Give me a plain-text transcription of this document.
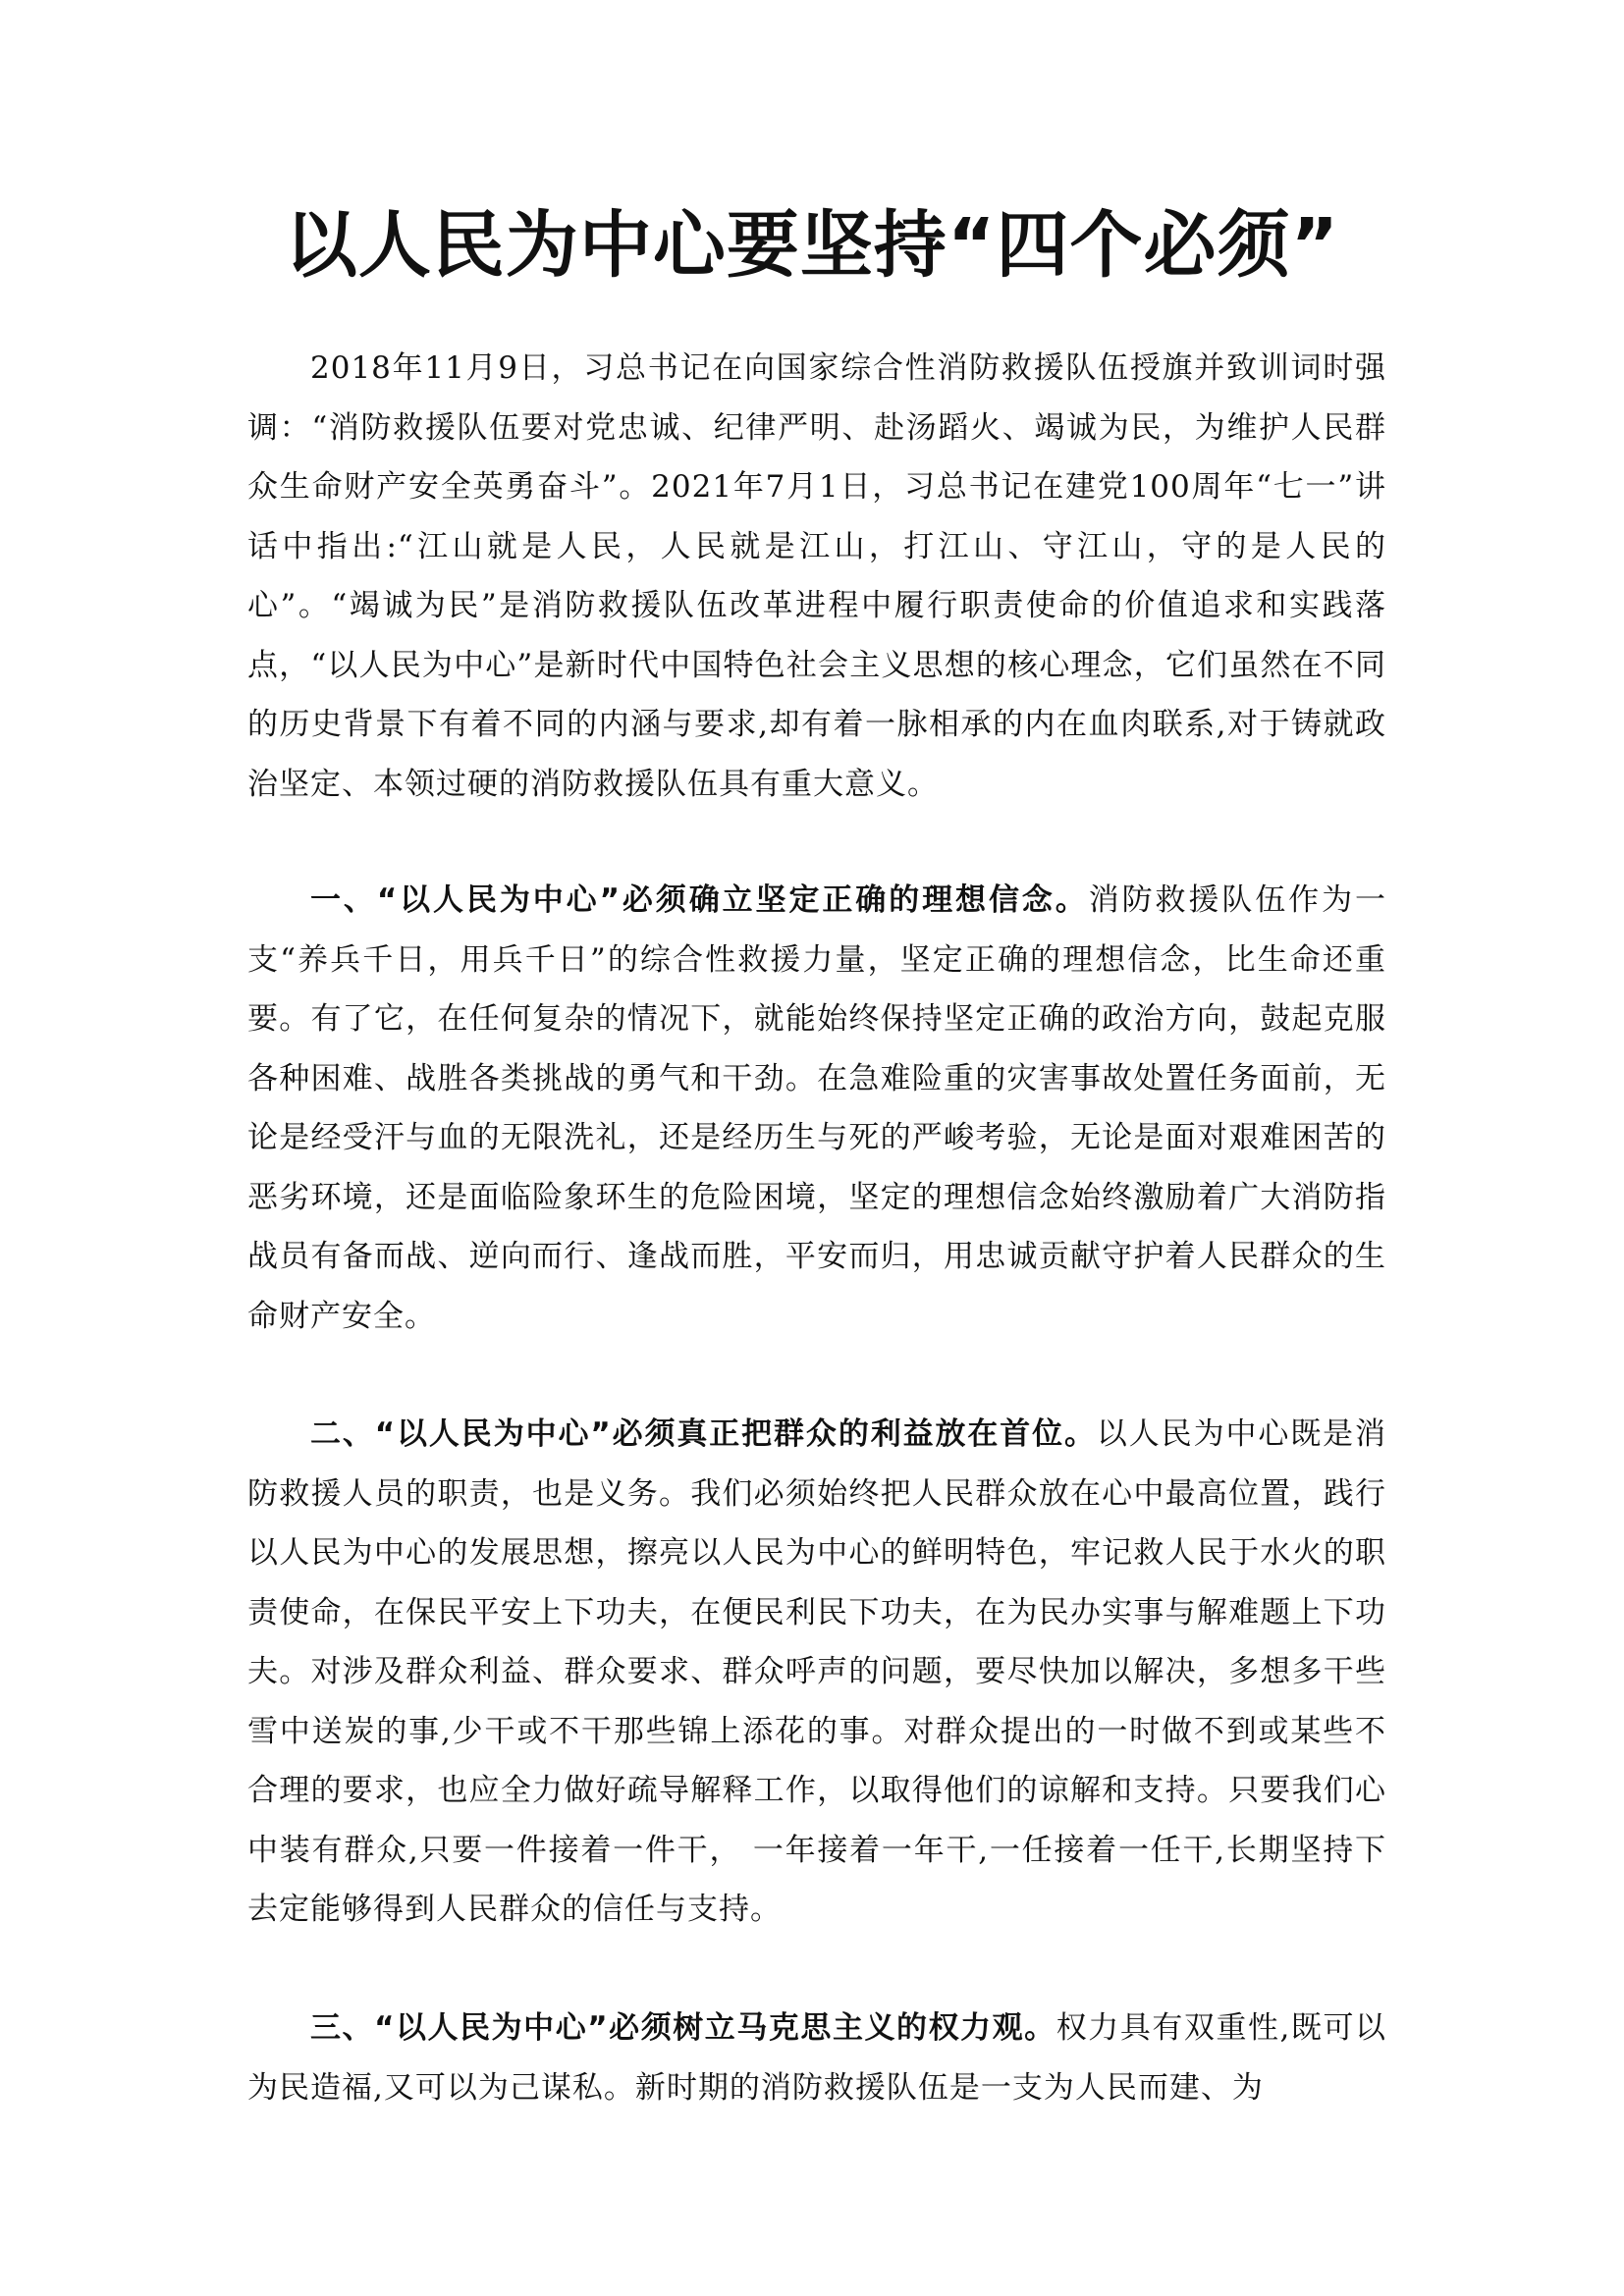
以人民为中心要坚持“四个必须”

2018年11月9日，习总书记在向国家综合性消防救援队伍授旗并致训词时强调：“消防救援队伍要对党忠诚、纪律严明、赴汤蹈火、竭诚为民，为维护人民群众生命财产安全英勇奋斗”。2021年7月1日，习总书记在建党100周年“七一”讲话中指出:“江山就是人民，人民就是江山，打江山、守江山，守的是人民的心”。“竭诚为民”是消防救援队伍改革进程中履行职责使命的价值追求和实践落点，“以人民为中心”是新时代中国特色社会主义思想的核心理念，它们虽然在不同的历史背景下有着不同的内涵与要求,却有着一脉相承的内在血肉联系,对于铸就政治坚定、本领过硬的消防救援队伍具有重大意义。

一、“以人民为中心”必须确立坚定正确的理想信念。消防救援队伍作为一支“养兵千日，用兵千日”的综合性救援力量，坚定正确的理想信念，比生命还重要。有了它，在任何复杂的情况下，就能始终保持坚定正确的政治方向，鼓起克服各种困难、战胜各类挑战的勇气和干劲。在急难险重的灾害事故处置任务面前，无论是经受汗与血的无限洗礼，还是经历生与死的严峻考验，无论是面对艰难困苦的恶劣环境，还是面临险象环生的危险困境，坚定的理想信念始终激励着广大消防指战员有备而战、逆向而行、逢战而胜，平安而归，用忠诚贡献守护着人民群众的生命财产安全。

二、“以人民为中心”必须真正把群众的利益放在首位。以人民为中心既是消防救援人员的职责，也是义务。我们必须始终把人民群众放在心中最高位置，践行以人民为中心的发展思想，擦亮以人民为中心的鲜明特色，牢记救人民于水火的职责使命，在保民平安上下功夫，在便民利民下功夫，在为民办实事与解难题上下功夫。对涉及群众利益、群众要求、群众呼声的问题，要尽快加以解决，多想多干些雪中送炭的事,少干或不干那些锦上添花的事。对群众提出的一时做不到或某些不合理的要求，也应全力做好疏导解释工作，以取得他们的谅解和支持。只要我们心中装有群众,只要一件接着一件干， 一年接着一年干,一任接着一任干,长期坚持下去定能够得到人民群众的信任与支持。

三、“以人民为中心”必须树立马克思主义的权力观。权力具有双重性,既可以为民造福,又可以为己谋私。新时期的消防救援队伍是一支为人民而建、为
